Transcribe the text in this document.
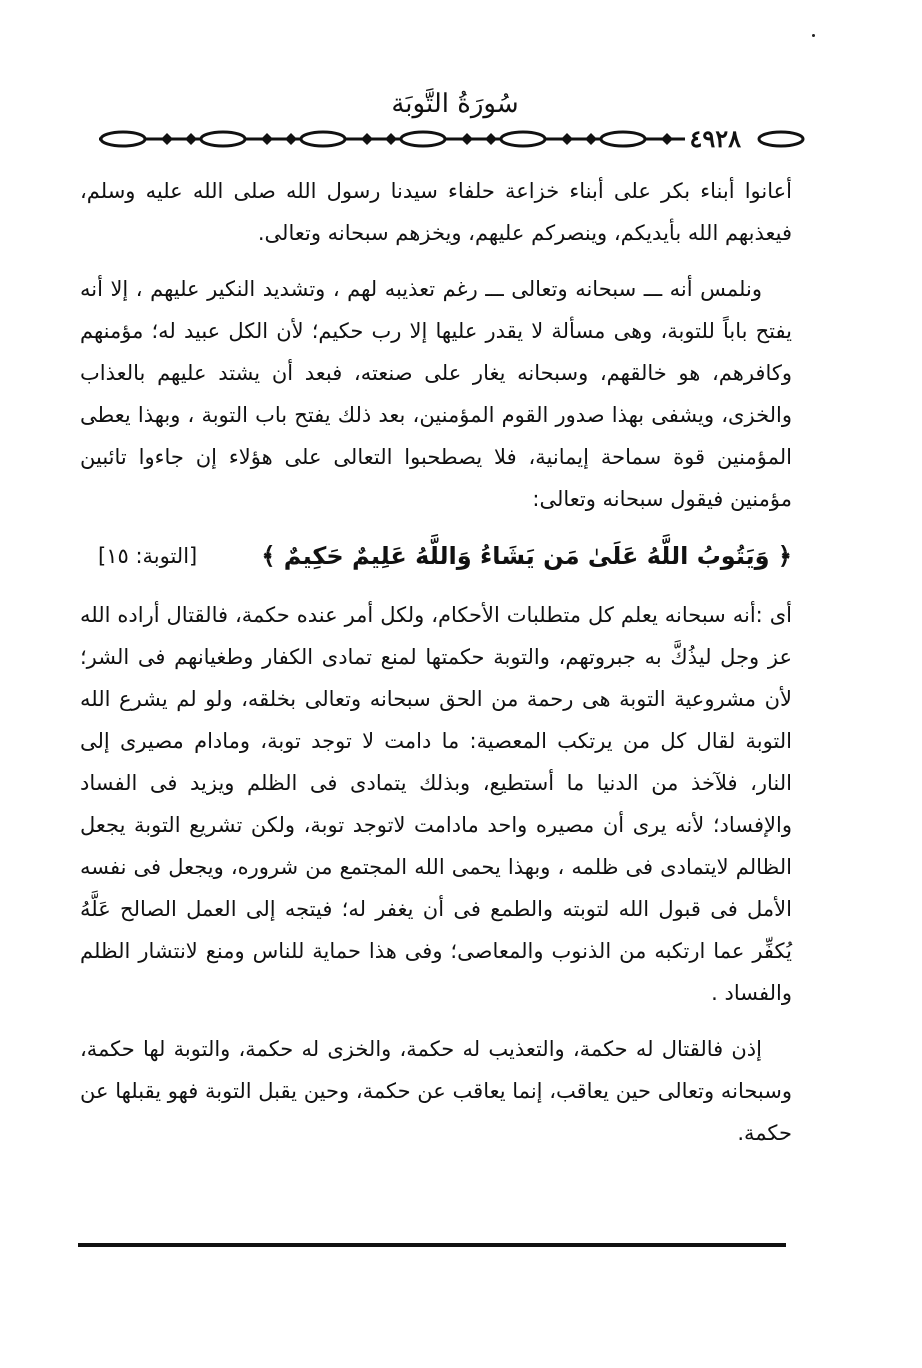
سُورَةُ التَّوبَة
٤٩٢٨

أعانوا أبناء بكر على أبناء خزاعة حلفاء سيدنا رسول الله صلى الله عليه وسلم، فيعذبهم الله بأيديكم، وينصركم عليهم، ويخزهم سبحانه وتعالى.

ونلمس أنه ـــ سبحانه وتعالى ـــ رغم تعذيبه لهم ، وتشديد النكير عليهم ، إلا أنه يفتح باباً للتوبة، وهى مسألة لا يقدر عليها إلا رب حكيم؛ لأن الكل عبيد له؛ مؤمنهم وكافرهم، هو خالقهم، وسبحانه يغار على صنعته، فبعد أن يشتد عليهم بالعذاب والخزى، ويشفى بهذا صدور القوم المؤمنين، بعد ذلك يفتح باب التوبة ، وبهذا يعطى المؤمنين قوة سماحة إيمانية، فلا يصطحبوا التعالى على هؤلاء إن جاءوا تائبين مؤمنين فيقول سبحانه وتعالى:

﴿ وَيَتُوبُ اللَّهُ عَلَىٰ مَن يَشَاءُ وَاللَّهُ عَلِيمٌ حَكِيمٌ ﴾
[التوبة: ١٥]

أى :أنه سبحانه يعلم كل متطلبات الأحكام، ولكل أمر عنده حكمة، فالقتال أراده الله عز وجل ليذُكَّ به جبروتهم، والتوبة حكمتها لمنع تمادى الكفار وطغيانهم فى الشر؛ لأن مشروعية التوبة هى رحمة من الحق سبحانه وتعالى بخلقه، ولو لم يشرع الله التوبة لقال كل من يرتكب المعصية: ما دامت لا توجد توبة، ومادام مصيرى إلى النار، فلآخذ من الدنيا ما أستطيع، وبذلك يتمادى فى الظلم ويزيد فى الفساد والإفساد؛ لأنه يرى أن مصيره واحد مادامت لاتوجد توبة، ولكن تشريع التوبة يجعل الظالم لايتمادى فى ظلمه ، وبهذا يحمى الله المجتمع من شروره، ويجعل فى نفسه الأمل فى قبول الله لتوبته والطمع فى أن يغفر له؛ فيتجه إلى العمل الصالح عَلَّهُ يُكفِّر عما ارتكبه من الذنوب والمعاصى؛ وفى هذا حماية للناس ومنع لانتشار الظلم والفساد .

إذن فالقتال له حكمة، والتعذيب له حكمة، والخزى له حكمة، والتوبة لها حكمة، وسبحانه وتعالى حين يعاقب، إنما يعاقب عن حكمة، وحين يقبل التوبة فهو يقبلها عن حكمة.
